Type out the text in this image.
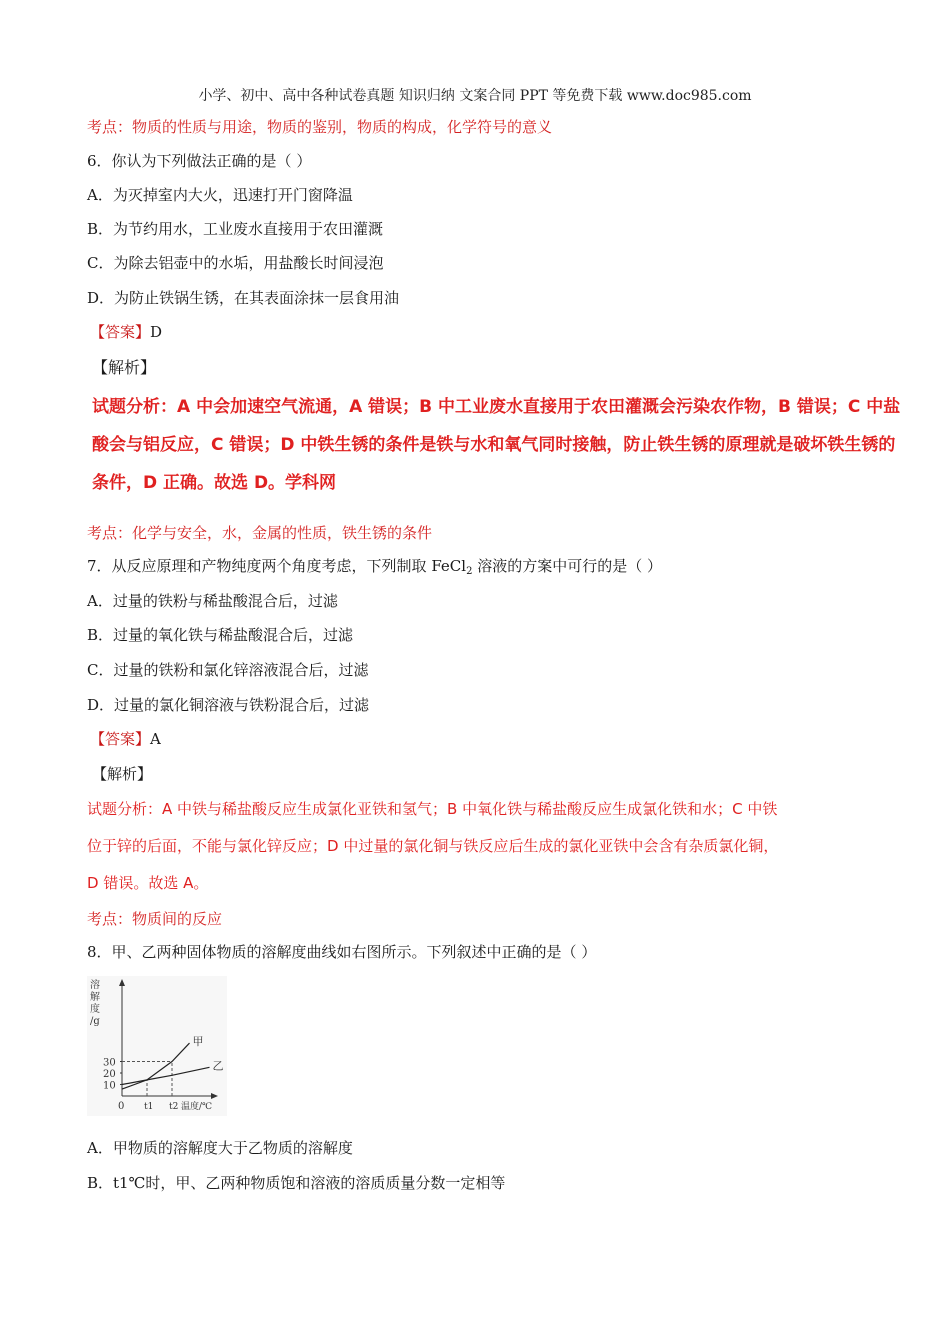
小学、初中、高中各种试卷真题 知识归纳 文案合同 PPT 等免费下载 www.doc985.com
考点：物质的性质与用途，物质的鉴别，物质的构成，化学符号的意义
6．你认为下列做法正确的是（ ）
A．为灭掉室内大火，迅速打开门窗降温
B．为节约用水，工业废水直接用于农田灌溉
C．为除去铝壶中的水垢，用盐酸长时间浸泡
D．为防止铁锅生锈，在其表面涂抹一层食用油
【答案】D
【解析】
试题分析：A 中会加速空气流通，A 错误；B 中工业废水直接用于农田灌溉会污染农作物，B 错误；C 中盐
酸会与铝反应，C 错误；D 中铁生锈的条件是铁与水和氧气同时接触，防止铁生锈的原理就是破坏铁生锈的
条件，D 正确。故选 D。学科网
考点：化学与安全，水，金属的性质，铁生锈的条件
7．从反应原理和产物纯度两个角度考虑，下列制取 FeCl$_2$ 溶液的方案中可行的是（ ）
A．过量的铁粉与稀盐酸混合后，过滤
B．过量的氧化铁与稀盐酸混合后，过滤
C．过量的铁粉和氯化锌溶液混合后，过滤
D．过量的氯化铜溶液与铁粉混合后，过滤
【答案】A
【解析】
试题分析：A 中铁与稀盐酸反应生成氯化亚铁和氢气；B 中氧化铁与稀盐酸反应生成氯化铁和水；C 中铁
位于锌的后面，不能与氯化锌反应；D 中过量的氯化铜与铁反应后生成的氯化亚铁中会含有杂质氯化铜，
D 错误。故选 A。
考点：物质间的反应
8．甲、乙两种固体物质的溶解度曲线如右图所示。下列叙述中正确的是（ ）
溶
解
度
/g
10
20
30
0 t1 t2 温度/℃
甲
乙
A．甲物质的溶解度大于乙物质的溶解度
B．t1℃时，甲、乙两种物质饱和溶液的溶质质量分数一定相等
